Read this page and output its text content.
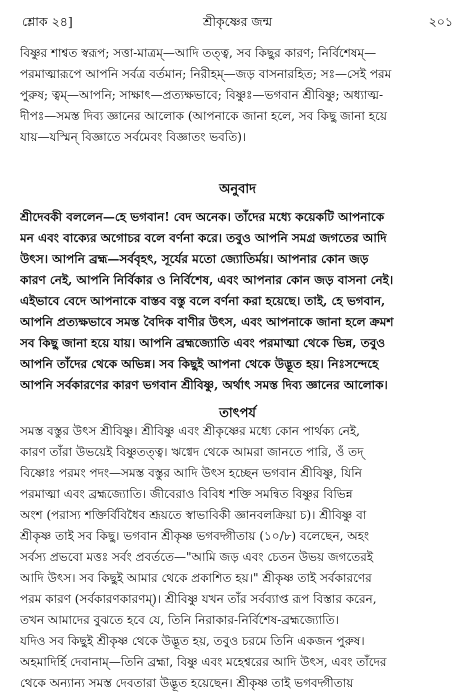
শ্লোক ২৪]	শ্রীকৃষ্ণের জন্ম	২০১
বিষ্ণুর শাশ্বত স্বরূপ; সত্তা-মাত্রম্—আদি তত্ত্ব, সব কিছুর কারণ; নির্বিশেষম্—
পরমাত্মারূপে আপনি সর্বত্র বর্তমান; নিরীহম্—জড় বাসনারহিত; সঃ—সেই পরম
পুরুষ; ত্বম্—আপনি; সাক্ষাৎ—প্রত্যক্ষভাবে; বিষ্ণুঃ—ভগবান শ্রীবিষ্ণু; অধ্যাত্ম-
দীপঃ—সমস্ত দিব্য জ্ঞানের আলোক (আপনাকে জানা হলে, সব কিছু জানা হয়ে
যায়—যস্মিন্ বিজ্ঞাতে সর্বমেবং বিজ্ঞাতং ভবতি)।
অনুবাদ
শ্রীদেবকী বললেন—হে ভগবান! বেদ অনেক। তাঁদের মধ্যে কয়েকটি আপনাকে
মন এবং বাক্যের অগোচর বলে বর্ণনা করে। তবুও আপনি সমগ্র জগতের আদি
উৎস। আপনি ব্রহ্ম—সর্ববৃহৎ, সূর্যের মতো জ্যোতির্ময়। আপনার কোন জড়
কারণ নেই, আপনি নির্বিকার ও নির্বিশেষ, এবং আপনার কোন জড় বাসনা নেই।
এইভাবে বেদে আপনাকে বাস্তব বস্তু বলে বর্ণনা করা হয়েছে। তাই, হে ভগবান,
আপনি প্রত্যক্ষভাবে সমস্ত বৈদিক বাণীর উৎস, এবং আপনাকে জানা হলে ক্রমশ
সব কিছু জানা হয়ে যায়। আপনি ব্রহ্মজ্যোতি এবং পরমাত্মা থেকে ভিন্ন, তবুও
আপনি তাঁদের থেকে অভিন্ন। সব কিছুই আপনা থেকে উদ্ভূত হয়। নিঃসন্দেহে
আপনি সর্বকারণের কারণ ভগবান শ্রীবিষ্ণু, অর্থাৎ সমস্ত দিব্য জ্ঞানের আলোক।
তাৎপর্য
সমস্ত বস্তুর উৎস শ্রীবিষ্ণু। শ্রীবিষ্ণু এবং শ্রীকৃষ্ণের মধ্যে কোন পার্থক্য নেই,
কারণ তাঁরা উভয়েই বিষ্ণুতত্ত্ব। ঋগ্বেদ থেকে আমরা জানতে পারি, ওঁ তদ্
বিষ্ণোঃ পরমং পদং—সমস্ত বস্তুর আদি উৎস হচ্ছেন ভগবান শ্রীবিষ্ণু, যিনি
পরমাত্মা এবং ব্রহ্মজ্যোতি। জীবেরাও বিবিধ শক্তি সমন্বিত বিষ্ণুর বিভিন্ন
অংশ (পরাস্য শক্তির্বিবিধৈব শ্রূয়তে স্বাভাবিকী জ্ঞানবলক্রিয়া চ)। শ্রীবিষ্ণু বা
শ্রীকৃষ্ণ তাই সব কিছু। ভগবান শ্রীকৃষ্ণ ভগবদ্গীতায় (১০/৮) বলেছেন, অহং
সর্বস্য প্রভবো মত্তঃ সর্বং প্রবর্ততে—"আমি জড় এবং চেতন উভয় জগতেরই
আদি উৎস। সব কিছুই আমার থেকে প্রকাশিত হয়।" শ্রীকৃষ্ণ তাই সর্বকারণের
পরম কারণ (সর্বকারণকারণম্)। শ্রীবিষ্ণু যখন তাঁর সর্বব্যাপ্ত রূপ বিস্তার করেন,
তখন আমাদের বুঝতে হবে যে, তিনি নিরাকার-নির্বিশেষ-ব্রহ্মজ্যোতি।
যদিও সব কিছুই শ্রীকৃষ্ণ থেকে উদ্ভূত হয়, তবুও চরমে তিনি একজন পুরুষ।
অহমাদির্হি দেবানাম্—তিনি ব্রহ্মা, বিষ্ণু এবং মহেশ্বরের আদি উৎস, এবং তাঁদের
থেকে অন্যান্য সমস্ত দেবতারা উদ্ভূত হয়েছেন। শ্রীকৃষ্ণ তাই ভগবদ্গীতায়
